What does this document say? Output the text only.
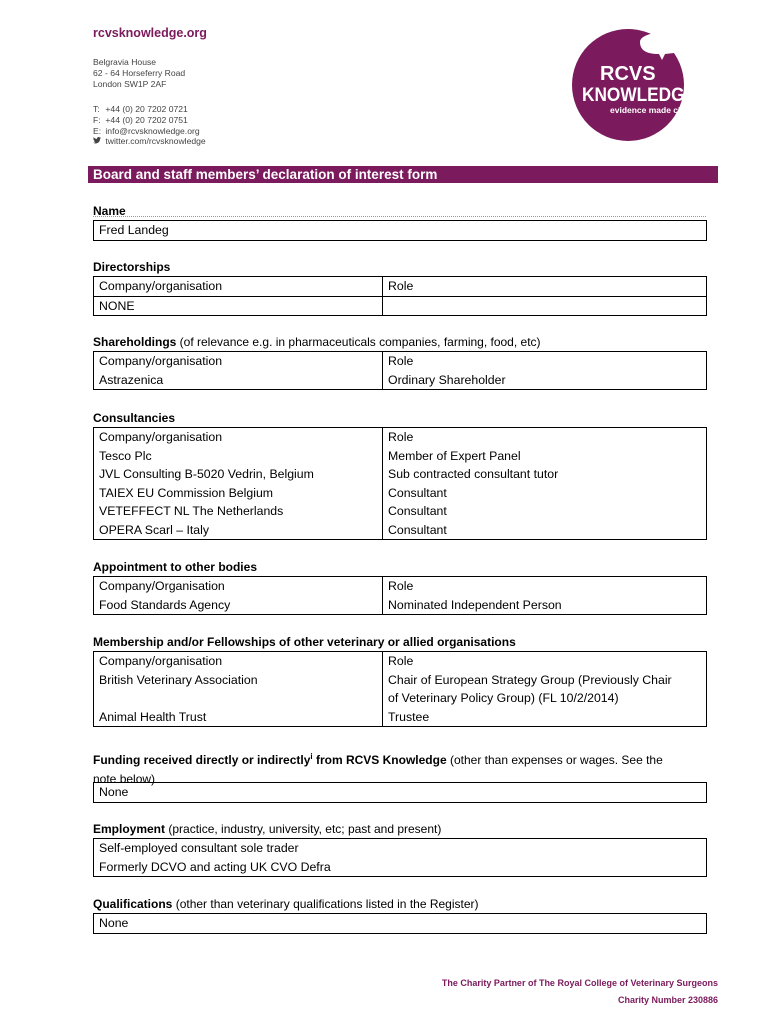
rcvsknowledge.org
Belgravia House
62 - 64 Horseferry Road
London SW1P 2AF
T: +44 (0) 20 7202 0721
F: +44 (0) 20 7202 0751
E: info@rcvsknowledge.org
twitter.com/rcvsknowledge
RCVS
KNOWLEDGE
evidence made clear
Board and staff members’ declaration of interest form
Name
Fred Landeg
Directorships
Company/organisation	Role
NONE	
Shareholdings (of relevance e.g. in pharmaceuticals companies, farming, food, etc)
Company/organisation	Role
Astrazenica	Ordinary Shareholder
Consultancies
Company/organisation	Role
Tesco Plc	Member of Expert Panel
JVL Consulting B-5020 Vedrin, Belgium	Sub contracted consultant tutor
TAIEX EU Commission Belgium	Consultant
VETEFFECT NL The Netherlands	Consultant
OPERA Scarl – Italy	Consultant
Appointment to other bodies
Company/Organisation	Role
Food Standards Agency	Nominated Independent Person
Membership and/or Fellowships of other veterinary or allied organisations
Company/organisation	Role
British Veterinary Association	Chair of European Strategy Group (Previously Chair
	of Veterinary Policy Group) (FL 10/2/2014)
Animal Health Trust	Trustee
Funding received directly or indirectly$^i$ from RCVS Knowledge (other than expenses or wages. See the
note below)
None
Employment (practice, industry, university, etc; past and present)
Self-employed consultant sole trader
Formerly DCVO and acting UK CVO Defra
Qualifications (other than veterinary qualifications listed in the Register)
None
The Charity Partner of The Royal College of Veterinary Surgeons
Charity Number 230886
